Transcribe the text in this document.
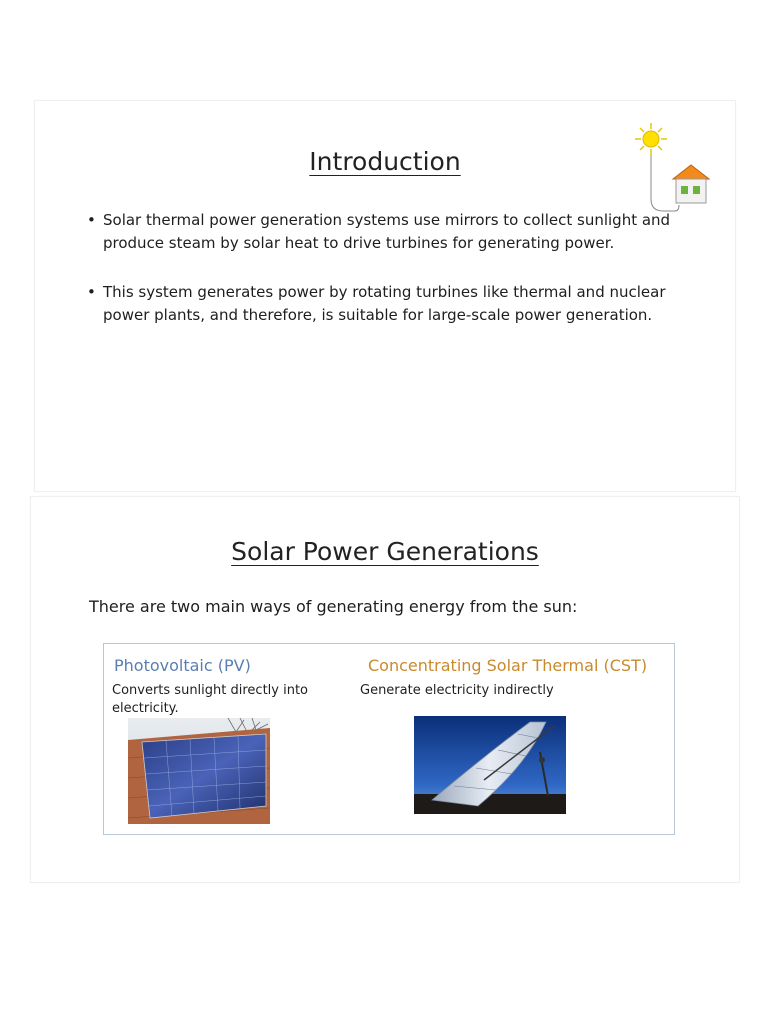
Introduction
• Solar thermal power generation systems use mirrors to collect sunlight and produce steam by solar heat to drive turbines for generating power.
• This system generates power by rotating turbines like thermal and nuclear power plants, and therefore, is suitable for large-scale power generation.
Solar Power Generations
There are two main ways of generating energy from the sun:
Photovoltaic (PV)	Concentrating Solar Thermal (CST)
Converts sunlight directly into electricity.
Generate electricity indirectly
